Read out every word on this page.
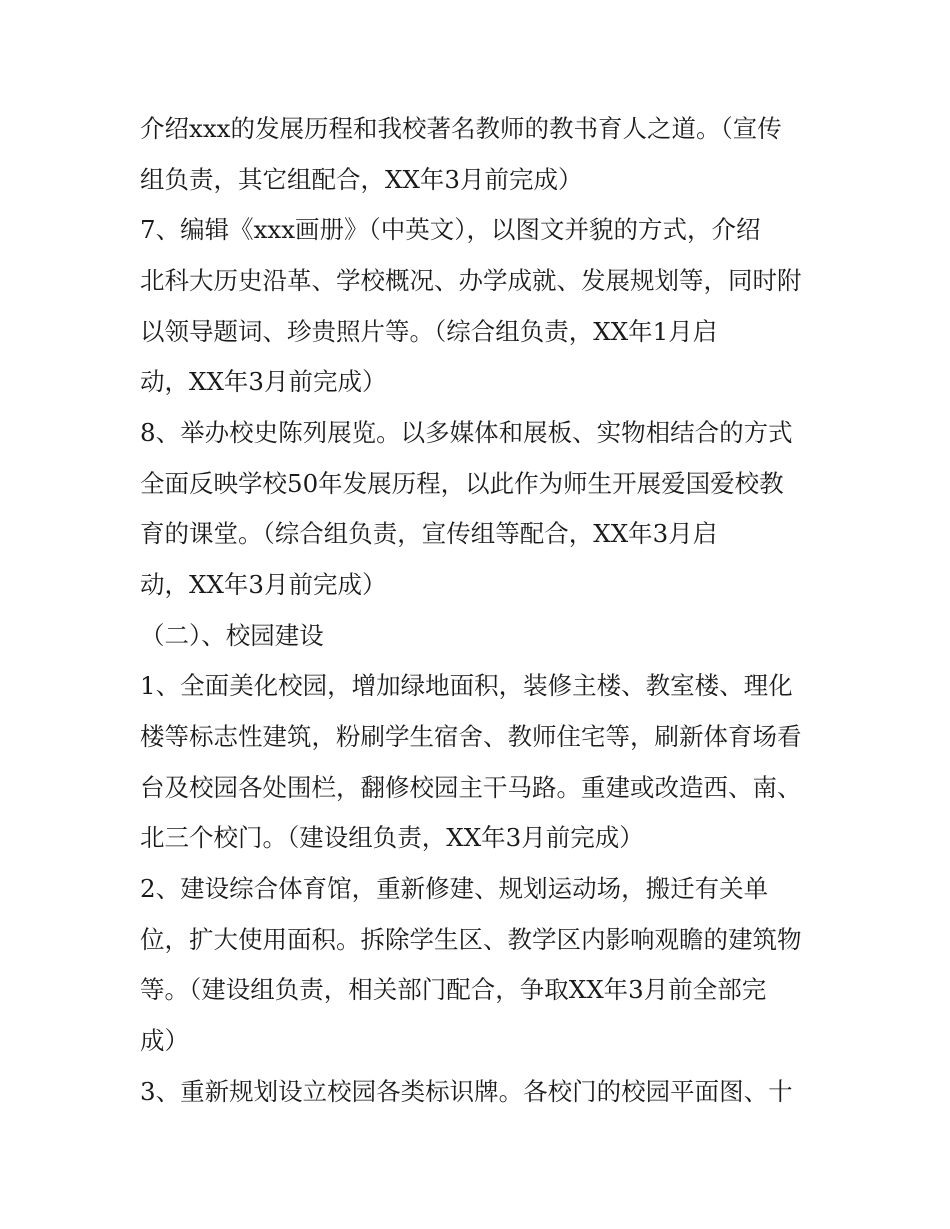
介绍xxx的发展历程和我校著名教师的教书育人之道。（宣传
组负责，其它组配合，XX年3月前完成）
7、编辑《xxx画册》（中英文），以图文并貌的方式，介绍
北科大历史沿革、学校概况、办学成就、发展规划等，同时附
以领导题词、珍贵照片等。（综合组负责，XX年1月启
动，XX年3月前完成）
8、举办校史陈列展览。以多媒体和展板、实物相结合的方式
全面反映学校50年发展历程，以此作为师生开展爱国爱校教
育的课堂。（综合组负责，宣传组等配合，XX年3月启
动，XX年3月前完成）
（二）、校园建设
1、全面美化校园，增加绿地面积，装修主楼、教室楼、理化
楼等标志性建筑，粉刷学生宿舍、教师住宅等，刷新体育场看
台及校园各处围栏，翻修校园主干马路。重建或改造西、南、
北三个校门。（建设组负责，XX年3月前完成）
2、建设综合体育馆，重新修建、规划运动场，搬迁有关单
位，扩大使用面积。拆除学生区、教学区内影响观瞻的建筑物
等。（建设组负责，相关部门配合，争取XX年3月前全部完
成）
3、重新规划设立校园各类标识牌。各校门的校园平面图、十
